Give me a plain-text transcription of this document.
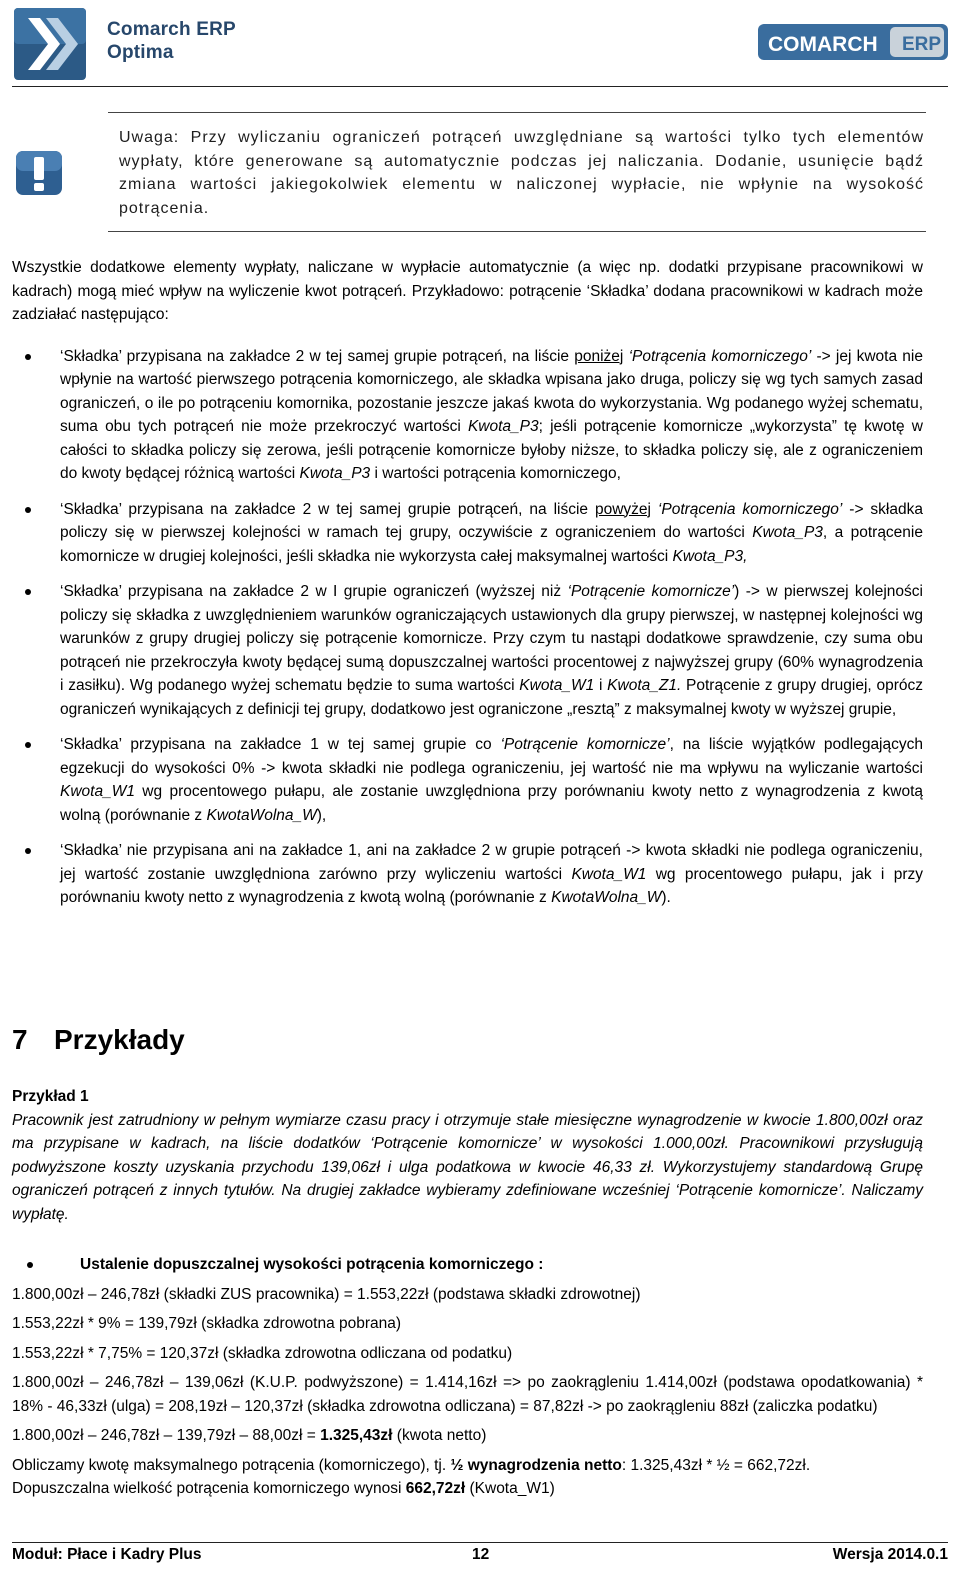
Comarch ERP
Optima	COMARCH ERP

Uwaga: Przy wyliczaniu ograniczeń potrąceń uwzględniane są wartości tylko tych elementów wypłaty, które generowane są automatycznie podczas jej naliczania. Dodanie, usunięcie bądź zmiana wartości jakiegokolwiek elementu w naliczonej wypłacie, nie wpłynie na wysokość potrącenia.

Wszystkie dodatkowe elementy wypłaty, naliczane w wypłacie automatycznie (a więc np. dodatki przypisane pracownikowi w kadrach) mogą mieć wpływ na wyliczenie kwot potrąceń. Przykładowo: potrącenie ‘Składka’ dodana pracownikowi w kadrach może zadziałać następująco:

‘Składka’ przypisana na zakładce 2 w tej samej grupie potrąceń, na liście poniżej ‘Potrącenia komorniczego’ -> jej kwota nie wpłynie na wartość pierwszego potrącenia komorniczego, ale składka wpisana jako druga, policzy się wg tych samych zasad ograniczeń, o ile po potrąceniu komornika, pozostanie jeszcze jakaś kwota do wykorzystania. Wg podanego wyżej schematu, suma obu tych potrąceń nie może przekroczyć wartości Kwota_P3; jeśli potrącenie komornicze „wykorzysta” tę kwotę w całości to składka policzy się zerowa, jeśli potrącenie komornicze byłoby niższe, to składka policzy się, ale z ograniczeniem do kwoty będącej różnicą wartości Kwota_P3 i wartości potrącenia komorniczego,
‘Składka’ przypisana na zakładce 2 w tej samej grupie potrąceń, na liście powyżej ‘Potrącenia komorniczego’ -> składka policzy się w pierwszej kolejności w ramach tej grupy, oczywiście z ograniczeniem do wartości Kwota_P3, a potrącenie komornicze w drugiej kolejności, jeśli składka nie wykorzysta całej maksymalnej wartości Kwota_P3,
‘Składka’ przypisana na zakładce 2 w I grupie ograniczeń (wyższej niż ‘Potrącenie komornicze’) -> w pierwszej kolejności policzy się składka z uwzględnieniem warunków ograniczających ustawionych dla grupy pierwszej, w następnej kolejności wg warunków z grupy drugiej policzy się potrącenie komornicze. Przy czym tu nastąpi dodatkowe sprawdzenie, czy suma obu potrąceń nie przekroczyła kwoty będącej sumą dopuszczalnej wartości procentowej z najwyższej grupy (60% wynagrodzenia i zasiłku). Wg podanego wyżej schematu będzie to suma wartości Kwota_W1 i Kwota_Z1. Potrącenie z grupy drugiej, oprócz ograniczeń wynikających z definicji tej grupy, dodatkowo jest ograniczone „resztą” z maksymalnej kwoty w wyższej grupie,
‘Składka’ przypisana na zakładce 1 w tej samej grupie co ‘Potrącenie komornicze’, na liście wyjątków podlegających egzekucji do wysokości 0% -> kwota składki nie podlega ograniczeniu, jej wartość nie ma wpływu na wyliczanie wartości Kwota_W1 wg procentowego pułapu, ale zostanie uwzględniona przy porównaniu kwoty netto z wynagrodzenia z kwotą wolną (porównanie z KwotaWolna_W),
‘Składka’ nie przypisana ani na zakładce 1, ani na zakładce 2 w grupie potrąceń -> kwota składki nie podlega ograniczeniu, jej wartość zostanie uwzględniona zarówno przy wyliczeniu wartości Kwota_W1 wg procentowego pułapu, jak i przy porównaniu kwoty netto z wynagrodzenia z kwotą wolną (porównanie z KwotaWolna_W).
7 Przykłady

Przykład 1

Pracownik jest zatrudniony w pełnym wymiarze czasu pracy i otrzymuje stałe miesięczne wynagrodzenie w kwocie 1.800,00zł oraz ma przypisane w kadrach, na liście dodatków ‘Potrącenie komornicze’ w wysokości 1.000,00zł. Pracownikowi przysługują podwyższone koszty uzyskania przychodu 139,06zł i ulga podatkowa w kwocie 46,33 zł. Wykorzystujemy standardową Grupę ograniczeń potrąceń z innych tytułów. Na drugiej zakładce wybieramy zdefiniowane wcześniej ‘Potrącenie komornicze’. Naliczamy wypłatę.

Ustalenie dopuszczalnej wysokości potrącenia komorniczego :

1.800,00zł – 246,78zł (składki ZUS pracownika) = 1.553,22zł (podstawa składki zdrowotnej)

1.553,22zł * 9% = 139,79zł (składka zdrowotna pobrana)

1.553,22zł * 7,75% = 120,37zł (składka zdrowotna odliczana od podatku)

1.800,00zł – 246,78zł – 139,06zł (K.U.P. podwyższone) = 1.414,16zł => po zaokrągleniu 1.414,00zł (podstawa opodatkowania) * 18% - 46,33zł (ulga) = 208,19zł – 120,37zł (składka zdrowotna odliczana) = 87,82zł -> po zaokrągleniu 88zł (zaliczka podatku)

1.800,00zł – 246,78zł – 139,79zł – 88,00zł = 1.325,43zł (kwota netto)

Obliczamy kwotę maksymalnego potrącenia (komorniczego), tj. ½ wynagrodzenia netto: 1.325,43zł * ½ = 662,72zł.

Dopuszczalna wielkość potrącenia komorniczego wynosi 662,72zł (Kwota_W1)

Moduł: Płace i Kadry Plus	12	Wersja 2014.0.1
